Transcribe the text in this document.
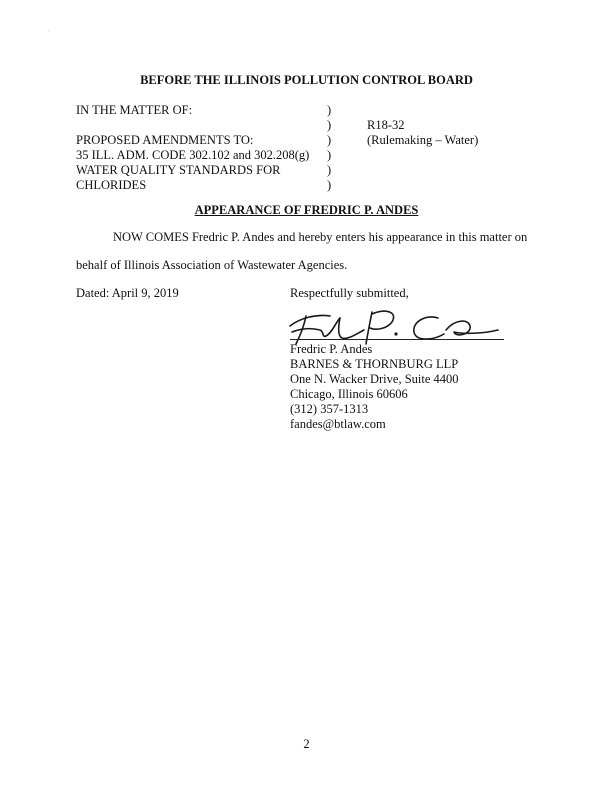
.
BEFORE THE ILLINOIS POLLUTION CONTROL BOARD
IN THE MATTER OF:
PROPOSED AMENDMENTS TO:
35 ILL. ADM. CODE 302.102 and 302.208(g)
WATER QUALITY STANDARDS FOR
CHLORIDES
)
)
)
)
)
)
R18-32
(Rulemaking – Water)
APPEARANCE OF FREDRIC P. ANDES
NOW COMES Fredric P. Andes and hereby enters his appearance in this matter on
behalf of Illinois Association of Wastewater Agencies.
Dated: April 9, 2019	Respectfully submitted,
Fredric P. Andes
BARNES & THORNBURG LLP
One N. Wacker Drive, Suite 4400
Chicago, Illinois 60606
(312) 357-1313
fandes@btlaw.com
2
